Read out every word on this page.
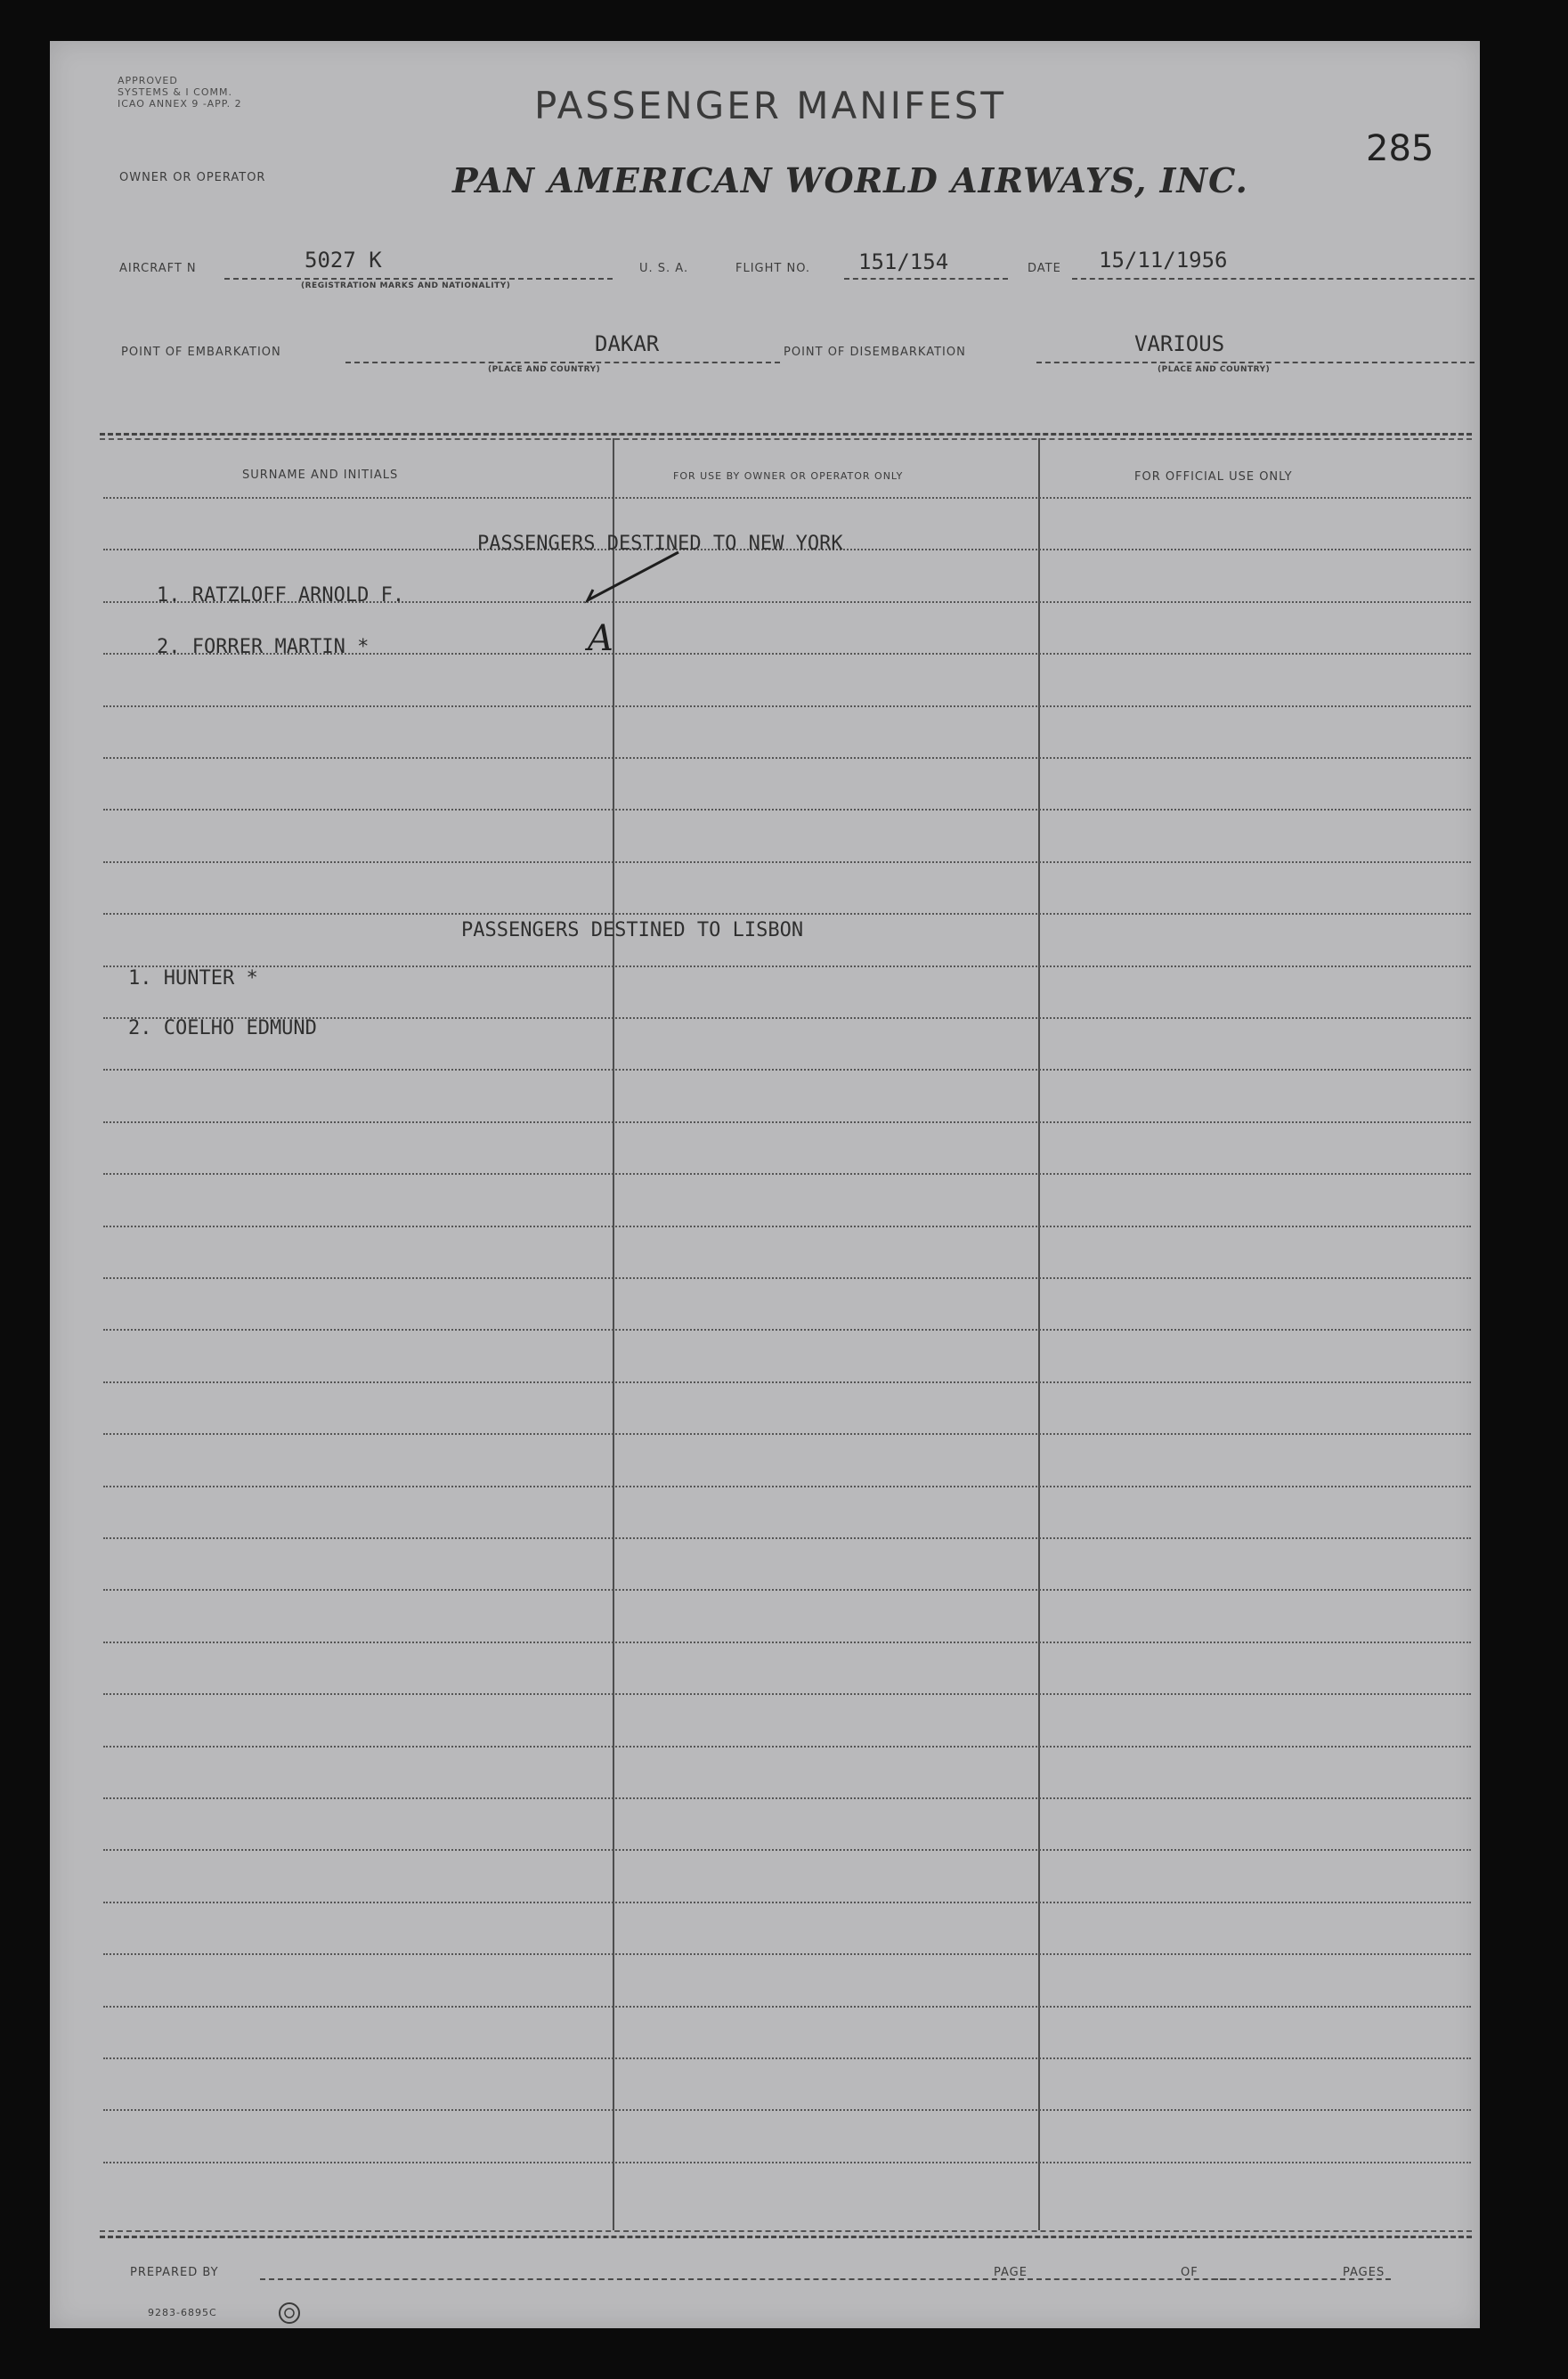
APPROVED
SYSTEMS & I COMM.
ICAO ANNEX 9 -APP. 2	PASSENGER MANIFEST
285
OWNER OR OPERATOR	PAN AMERICAN WORLD AIRWAYS, INC.
AIRCRAFT N	5027 K
(REGISTRATION MARKS AND NATIONALITY)
U. S. A.	FLIGHT NO. 151/154	DATE 15/11/1956
POINT OF EMBARKATION	DAKAR
(PLACE AND COUNTRY)
POINT OF DISEMBARKATION	VARIOUS
(PLACE AND COUNTRY)
SURNAME AND INITIALS	FOR USE BY OWNER OR OPERATOR ONLY	FOR OFFICIAL USE ONLY
PASSENGERS DESTINED TO NEW YORK
1. RATZLOFF ARNOLD F.
2. FORRER MARTIN *	A
PASSENGERS DESTINED TO LISBON
1. HUNTER *
2. COELHO EDMUND
PREPARED BY	PAGE	OF	PAGES
9283-6895C
